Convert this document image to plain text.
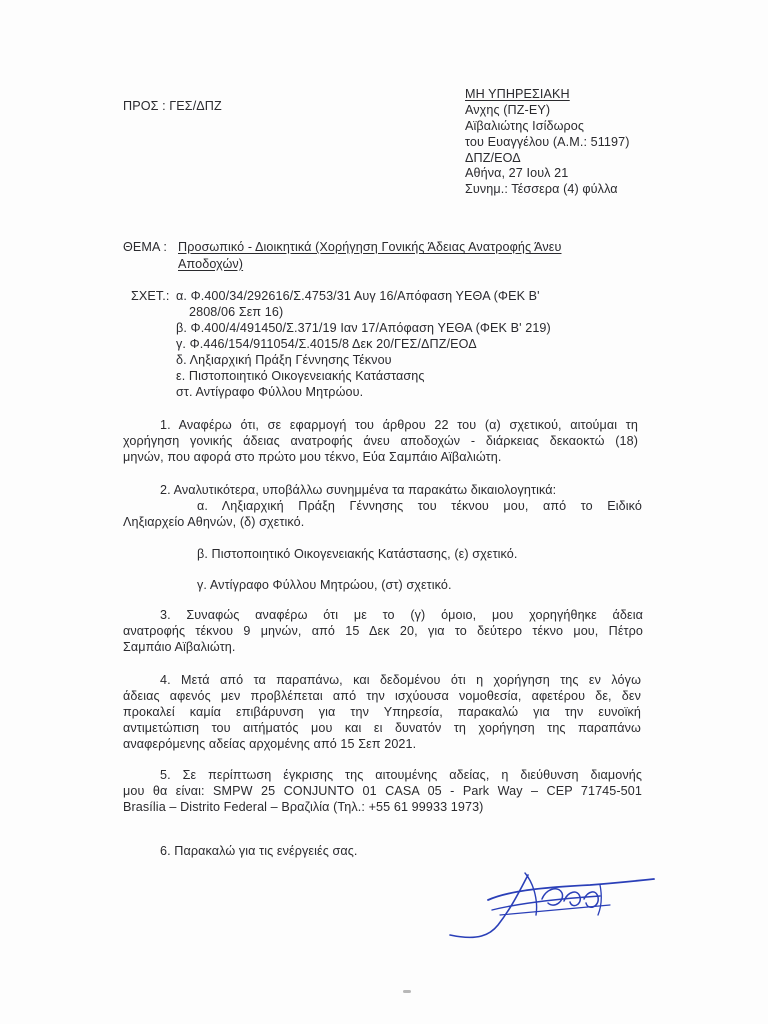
ΠΡΟΣ : ΓΕΣ/ΔΠΖ
ΜΗ ΥΠΗΡΕΣΙΑΚΗ
Ανχης (ΠΖ-ΕΥ)
Αϊβαλιώτης Ισίδωρος
του Ευαγγέλου (Α.Μ.: 51197)
ΔΠΖ/ΕΟΔ
Αθήνα, 27 Ιουλ 21
Συνημ.: Τέσσερα (4) φύλλα
ΘΕΜΑ : Προσωπικό - Διοικητικά (Χορήγηση Γονικής Άδειας Ανατροφής Άνευ
Αποδοχών)
ΣΧΕΤ.: α. Φ.400/34/292616/Σ.4753/31 Αυγ 16/Απόφαση ΥΕΘΑ (ΦΕΚ Β'
2808/06 Σεπ 16)
β. Φ.400/4/491450/Σ.371/19 Ιαν 17/Απόφαση ΥΕΘΑ (ΦΕΚ Β' 219)
γ. Φ.446/154/911054/Σ.4015/8 Δεκ 20/ΓΕΣ/ΔΠΖ/ΕΟΔ
δ. Ληξιαρχική Πράξη Γέννησης Τέκνου
ε. Πιστοποιητικό Οικογενειακής Κατάστασης
στ. Αντίγραφο Φύλλου Μητρώου.
1. Αναφέρω ότι, σε εφαρμογή του άρθρου 22 του (α) σχετικού, αιτούμαι τη
χορήγηση γονικής άδειας ανατροφής άνευ αποδοχών - διάρκειας δεκαοκτώ (18)
μηνών, που αφορά στο πρώτο μου τέκνο, Εύα Σαμπάιο Αϊβαλιώτη.
2. Αναλυτικότερα, υποβάλλω συνημμένα τα παρακάτω δικαιολογητικά:
α. Ληξιαρχική Πράξη Γέννησης του τέκνου μου, από το Ειδικό
Ληξιαρχείο Αθηνών, (δ) σχετικό.
β. Πιστοποιητικό Οικογενειακής Κατάστασης, (ε) σχετικό.
γ. Αντίγραφο Φύλλου Μητρώου, (στ) σχετικό.
3. Συναφώς αναφέρω ότι με το (γ) όμοιο, μου χορηγήθηκε άδεια
ανατροφής τέκνου 9 μηνών, από 15 Δεκ 20, για το δεύτερο τέκνο μου, Πέτρο
Σαμπάιο Αϊβαλιώτη.
4. Μετά από τα παραπάνω, και δεδομένου ότι η χορήγηση της εν λόγω
άδειας αφενός μεν προβλέπεται από την ισχύουσα νομοθεσία, αφετέρου δε, δεν
προκαλεί καμία επιβάρυνση για την Υπηρεσία, παρακαλώ για την ευνοϊκή
αντιμετώπιση του αιτήματός μου και ει δυνατόν τη χορήγηση της παραπάνω
αναφερόμενης αδείας αρχομένης από 15 Σεπ 2021.
5. Σε περίπτωση έγκρισης της αιτουμένης αδείας, η διεύθυνση διαμονής
μου θα είναι: SMPW 25 CONJUNTO 01 CASA 05 - Park Way – CEP 71745-501
Brasília – Distrito Federal – Βραζιλία (Τηλ.: +55 61 99933 1973)
6. Παρακαλώ για τις ενέργειές σας.
